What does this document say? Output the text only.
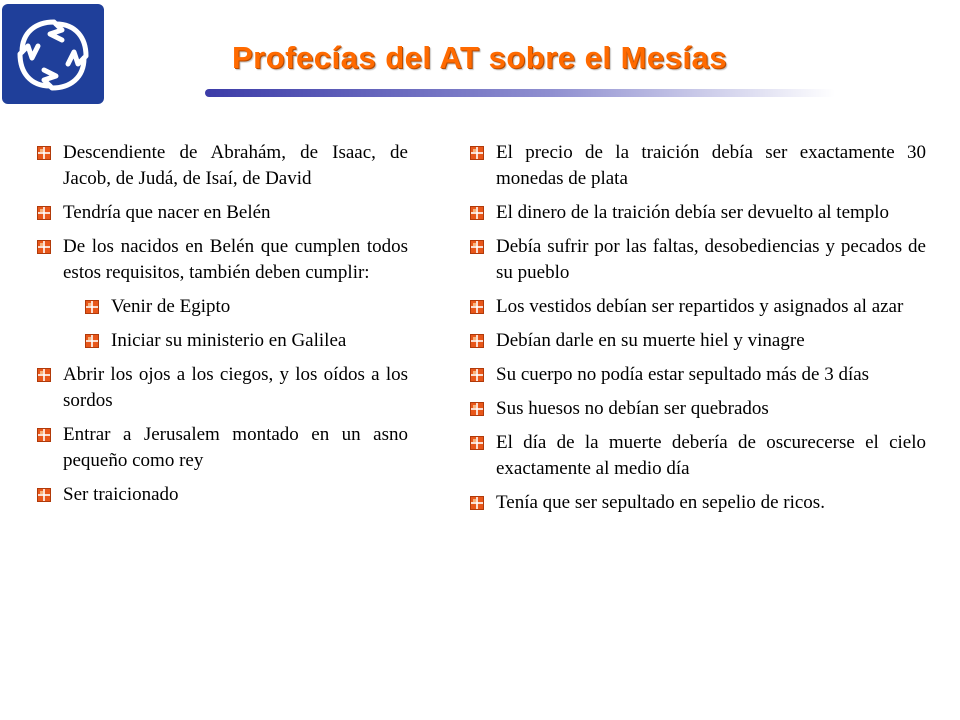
Profecías del AT sobre el Mesías
Descendiente de Abrahám, de Isaac, de Jacob, de Judá, de Isaí, de David
Tendría que nacer en Belén
De los nacidos en Belén que cumplen todos estos requisitos, también deben cumplir:
Venir de Egipto
Iniciar su ministerio en Galilea
Abrir los ojos a los ciegos, y los oídos a los sordos
Entrar a Jerusalem montado en un asno pequeño como rey
Ser traicionado
El precio de la traición debía ser exactamente 30 monedas de plata
El dinero de la traición debía ser devuelto al templo
Debía sufrir por las faltas, desobediencias y pecados de su pueblo
Los vestidos debían ser repartidos y asignados al azar
Debían darle en su muerte hiel y vinagre
Su cuerpo no podía estar sepultado más de 3 días
Sus huesos no debían ser quebrados
El día de la muerte debería de oscurecerse el cielo exactamente al medio día
Tenía que ser sepultado en sepelio de ricos.
